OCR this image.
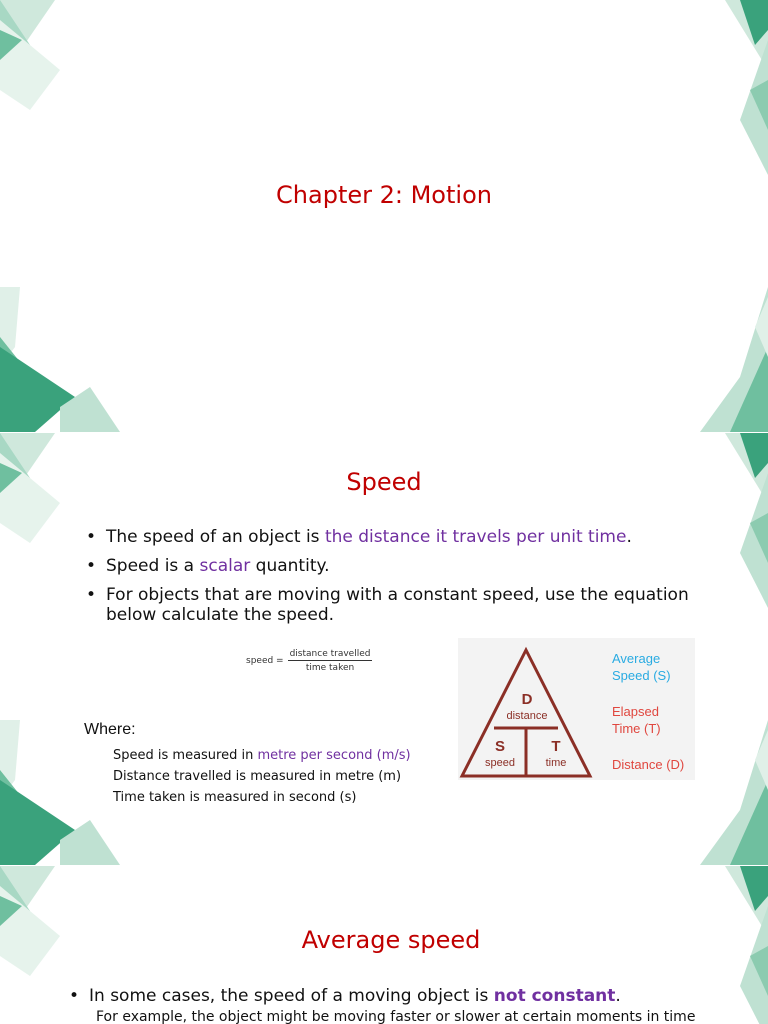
Chapter 2: Motion
Speed
• The speed of an object is the distance it travels per unit time.
• Speed is a scalar quantity.
• For objects that are moving with a constant speed, use the equation below calculate the speed.
speed = $\frac{\text{distance travelled}}{\text{time taken}}$
Where:
Speed is measured in metre per second (m/s)
Distance travelled is measured in metre (m)
Time taken is measured in second (s)
D
distance
S
speed
T
time
Average
Speed (S)
Elapsed
Time (T)
Distance (D)
Average speed
• In some cases, the speed of a moving object is not constant.
For example, the object might be moving faster or slower at certain moments in time
